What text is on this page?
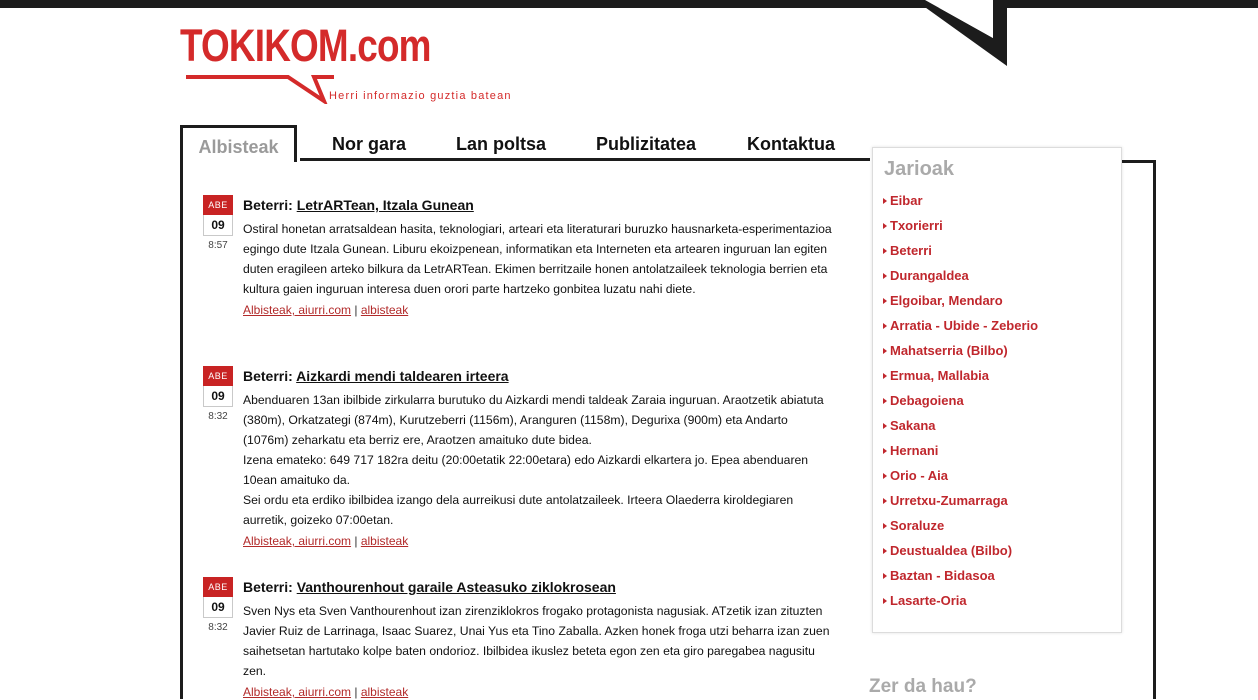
TOKIKOM.com
Herri informazio guztia batean
Albisteak	Nor gara	Lan poltsa	Publizitatea	Kontaktua
ABE
09
8:57

Beterri: LetrARTean, Itzala Gunean

Ostiral honetan arratsaldean hasita, teknologiari, arteari eta literaturari buruzko hausnarketa-esperimentazioa egingo dute Itzala Gunean. Liburu ekoizpenean, informatikan eta Interneten eta artearen inguruan lan egiten duten eragileen arteko bilkura da LetrARTean. Ekimen berritzaile honen antolatzaileek teknologia berrien eta kultura gaien inguruan interesa duen orori parte hartzeko gonbitea luzatu nahi diete.
Albisteak, aiurri.com | albisteak
ABE
09
8:32

Beterri: Aizkardi mendi taldearen irteera

Abenduaren 13an ibilbide zirkularra burutuko du Aizkardi mendi taldeak Zaraia inguruan. Araotzetik abiatuta (380m), Orkatzategi (874m), Kurutzeberri (1156m), Aranguren (1158m), Degurixa (900m) eta Andarto (1076m) zeharkatu eta berriz ere, Araotzen amaituko dute bidea.
Izena emateko: 649 717 182ra deitu (20:00etatik 22:00etara) edo Aizkardi elkartera jo. Epea abenduaren 10ean amaituko da.
Sei ordu eta erdiko ibilbidea izango dela aurreikusi dute antolatzaileek. Irteera Olaederra kiroldegiaren aurretik, goizeko 07:00etan.
Albisteak, aiurri.com | albisteak
ABE
09
8:32

Beterri: Vanthourenhout garaile Asteasuko ziklokrosean

Sven Nys eta Sven Vanthourenhout izan zirenziklokros frogako protagonista nagusiak. ATzetik izan zituzten Javier Ruiz de Larrinaga, Isaac Suarez, Unai Yus eta Tino Zaballa. Azken honek froga utzi beharra izan zuen saihetsetan hartutako kolpe baten ondorioz. Ibilbidea ikuslez beteta egon zen eta giro paregabea nagusitu zen.
Albisteak, aiurri.com | albisteak
Jarioak
Eibar
Txorierri
Beterri
Durangaldea
Elgoibar, Mendaro
Arratia - Ubide - Zeberio
Mahatserria (Bilbo)
Ermua, Mallabia
Debagoiena
Sakana
Hernani
Orio - Aia
Urretxu-Zumarraga
Soraluze
Deustualdea (Bilbo)
Baztan - Bidasoa
Lasarte-Oria
Zer da hau?
